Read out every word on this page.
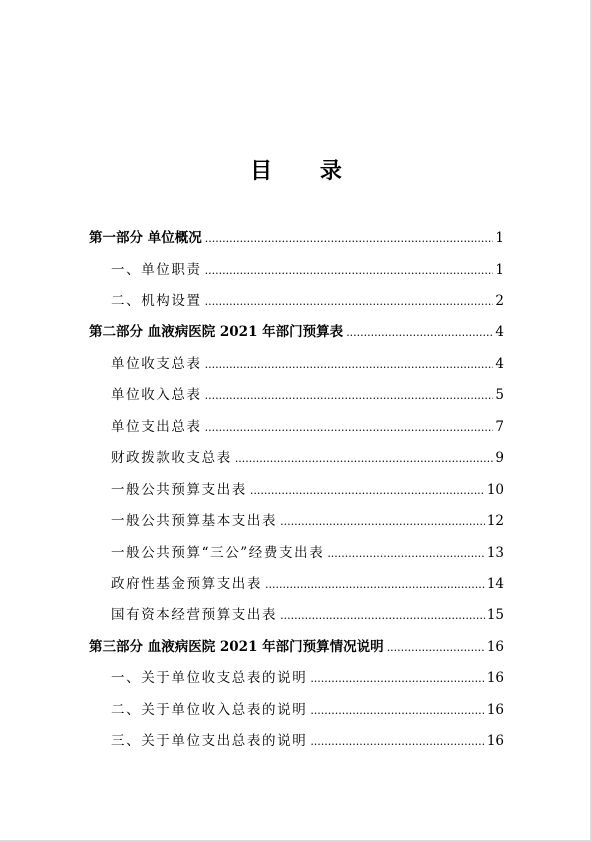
目 录
第一部分 单位概况 .....	1
一、单位职责 .....	1
二、机构设置 .....	2
第二部分 血液病医院 2021 年部门预算表 .....	4
单位收支总表 .....	4
单位收入总表 .....	5
单位支出总表 .....	7
财政拨款收支总表 .....	9
一般公共预算支出表 .....	10
一般公共预算基本支出表 .....	12
一般公共预算“三公”经费支出表 .....	13
政府性基金预算支出表 .....	14
国有资本经营预算支出表 .....	15
第三部分 血液病医院 2021 年部门预算情况说明 .....	16
一、关于单位收支总表的说明 .....	16
二、关于单位收入总表的说明 .....	16
三、关于单位支出总表的说明 .....	16
